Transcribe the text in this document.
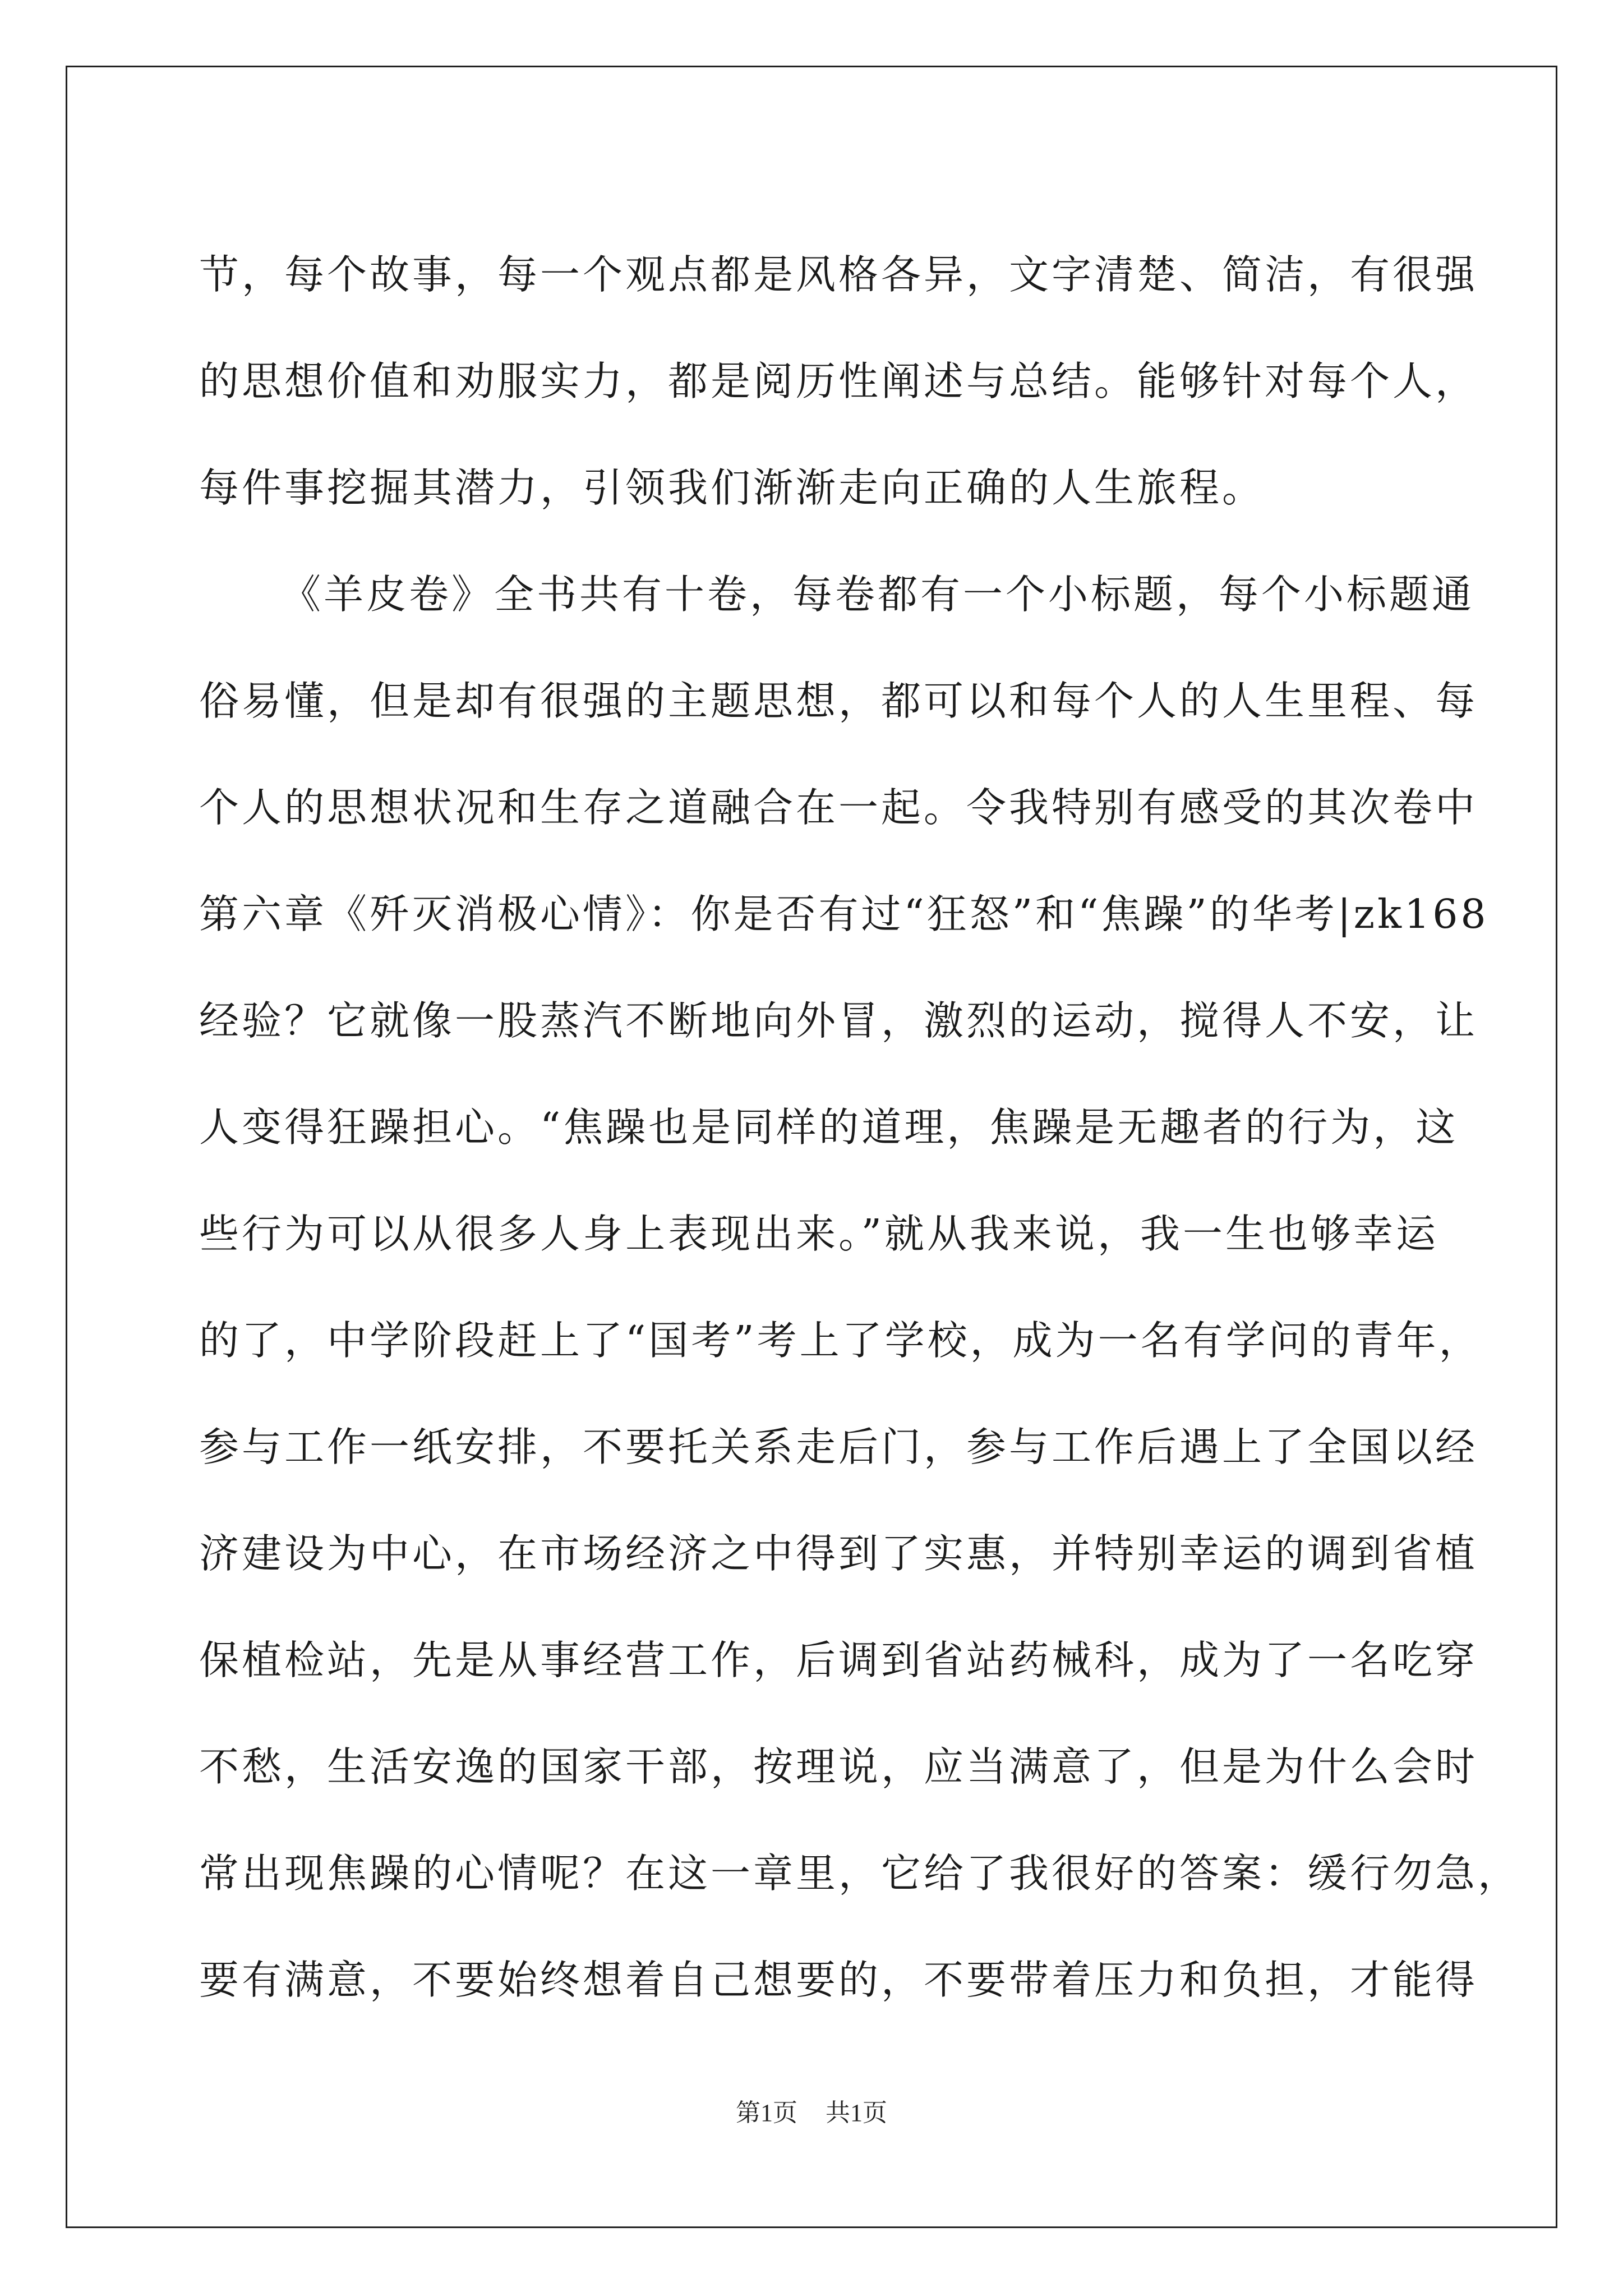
节，每个故事，每一个观点都是风格各异，文字清楚、简洁，有很强
的思想价值和劝服实力，都是阅历性阐述与总结。能够针对每个人，
每件事挖掘其潜力，引领我们渐渐走向正确的人生旅程。
《羊皮卷》全书共有十卷，每卷都有一个小标题，每个小标题通
俗易懂，但是却有很强的主题思想，都可以和每个人的人生里程、每
个人的思想状况和生存之道融合在一起。令我特别有感受的其次卷中
第六章《歼灭消极心情》：你是否有过“狂怒”和“焦躁”的华考|zk168
经验？它就像一股蒸汽不断地向外冒，激烈的运动，搅得人不安，让
人变得狂躁担心。“焦躁也是同样的道理，焦躁是无趣者的行为，这
些行为可以从很多人身上表现出来。”就从我来说，我一生也够幸运
的了，中学阶段赶上了“国考”考上了学校，成为一名有学问的青年，
参与工作一纸安排，不要托关系走后门，参与工作后遇上了全国以经
济建设为中心，在市场经济之中得到了实惠，并特别幸运的调到省植
保植检站，先是从事经营工作，后调到省站药械科，成为了一名吃穿
不愁，生活安逸的国家干部，按理说，应当满意了，但是为什么会时
常出现焦躁的心情呢？在这一章里，它给了我很好的答案：缓行勿急，
要有满意，不要始终想着自己想要的，不要带着压力和负担，才能得
第1页 共1页
